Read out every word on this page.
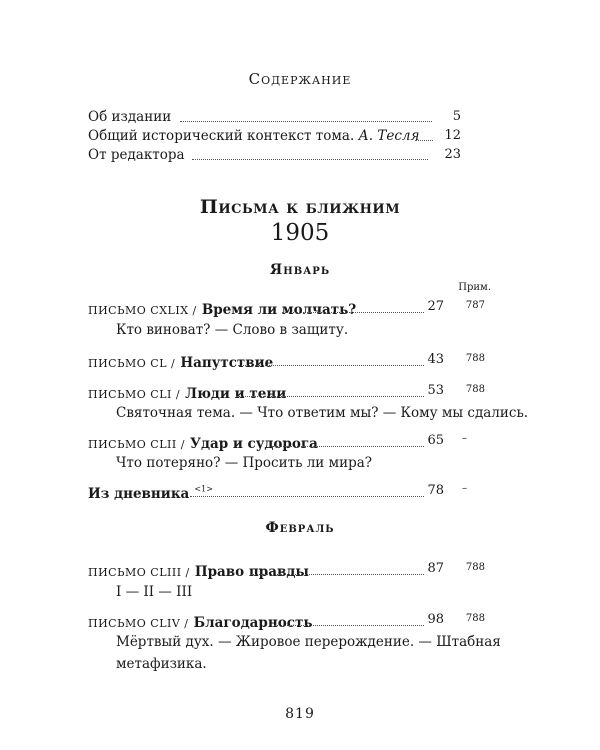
Содержание
Об издании	5
Общий исторический контекст тома. А. Тесля	12
От редактора	23
Письма к ближним
1905
Январь
Прим.
ПИСЬМО CXLIX / Время ли молчать?	27	787
Кто виноват? — Слово в защиту.
ПИСЬМО CL / Напутствие	43	788
ПИСЬМО CLI / Люди и тени	53	788
Святочная тема. — Что ответим мы? — Кому мы сдались.
ПИСЬМО CLII / Удар и судорога	65	–
Что потеряно? — Просить ли мира?
Из дневника $^{<1>}$	78	–
Февраль
ПИСЬМО CLIII / Право правды	87	788
I — II — III
ПИСЬМО CLIV / Благодарность	98	788
Мёртвый дух. — Жировое перерождение. — Штабная
метафизика.
819
